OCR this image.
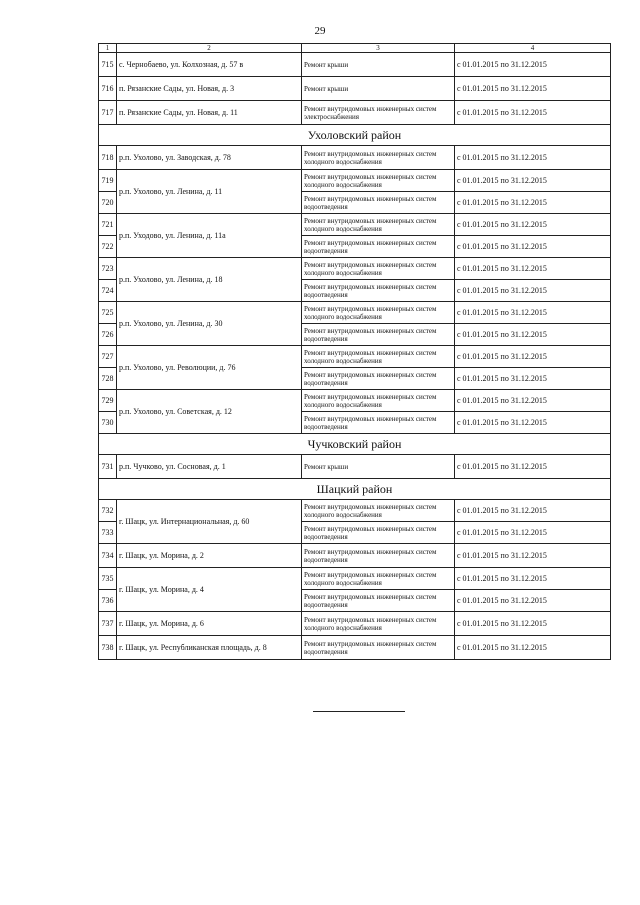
29
1	2	3	4
715	с. Чернобаево, ул. Колхозная, д. 57 в	Ремонт крыши	с 01.01.2015 по 31.12.2015
716	п. Рязанские Сады, ул. Новая, д. 3	Ремонт крыши	с 01.01.2015 по 31.12.2015
717	п. Рязанские Сады, ул. Новая, д. 11	Ремонт внутридомовых инженерных систем электроснабжения	с 01.01.2015 по 31.12.2015
Ухоловский район			
718	р.п. Ухолово, ул. Заводская, д. 78	Ремонт внутридомовых инженерных систем холодного водоснабжения	с 01.01.2015 по 31.12.2015
719	р.п. Ухолово, ул. Ленина, д. 11	Ремонт внутридомовых инженерных систем холодного водоснабжения	с 01.01.2015 по 31.12.2015
720		Ремонт внутридомовых инженерных систем водоотведения	с 01.01.2015 по 31.12.2015
721	р.п. Уходово, ул. Ленина, д. 11а	Ремонт внутридомовых инженерных систем холодного водоснабжения	с 01.01.2015 по 31.12.2015
722		Ремонт внутридомовых инженерных систем водоотведения	с 01.01.2015 по 31.12.2015
723	р.п. Ухолово, ул. Ленина, д. 18	Ремонт внутридомовых инженерных систем холодного водоснабжения	с 01.01.2015 по 31.12.2015
724		Ремонт внутридомовых инженерных систем водоотведения	с 01.01.2015 по 31.12.2015
725	р.п. Ухолово, ул. Ленина, д. 30	Ремонт внутридомовых инженерных систем холодного водоснабжения	с 01.01.2015 по 31.12.2015
726		Ремонт внутридомовых инженерных систем водоотведения	с 01.01.2015 по 31.12.2015
727	р.п. Ухолово, ул. Революции, д. 76	Ремонт внутридомовых инженерных систем холодного водоснабжения	с 01.01.2015 по 31.12.2015
728		Ремонт внутридомовых инженерных систем водоотведения	с 01.01.2015 по 31.12.2015
729	р.п. Ухолово, ул. Советская, д. 12	Ремонт внутридомовых инженерных систем холодного водоснабжения	с 01.01.2015 по 31.12.2015
730		Ремонт внутридомовых инженерных систем водоотведения	с 01.01.2015 по 31.12.2015
Чучковский район			
731	р.п. Чучково, ул. Сосновая, д. 1	Ремонт крыши	с 01.01.2015 по 31.12.2015
Шацкий район			
732	г. Шацк, ул. Интернациональная, д. 60	Ремонт внутридомовых инженерных систем холодного водоснабжения	с 01.01.2015 по 31.12.2015
733		Ремонт внутридомовых инженерных систем водоотведения	с 01.01.2015 по 31.12.2015
734	г. Шацк, ул. Морина, д. 2	Ремонт внутридомовых инженерных систем водоотведения	с 01.01.2015 по 31.12.2015
735	г. Шацк, ул. Морина, д. 4	Ремонт внутридомовых инженерных систем холодного водоснабжения	с 01.01.2015 по 31.12.2015
736		Ремонт внутридомовых инженерных систем водоотведения	с 01.01.2015 по 31.12.2015
737	г. Шацк, ул. Морина, д. 6	Ремонт внутридомовых инженерных систем холодного водоснабжения	с 01.01.2015 по 31.12.2015
738	г. Шацк, ул. Республиканская площадь, д. 8	Ремонт внутридомовых инженерных систем водоотведения	с 01.01.2015 по 31.12.2015
